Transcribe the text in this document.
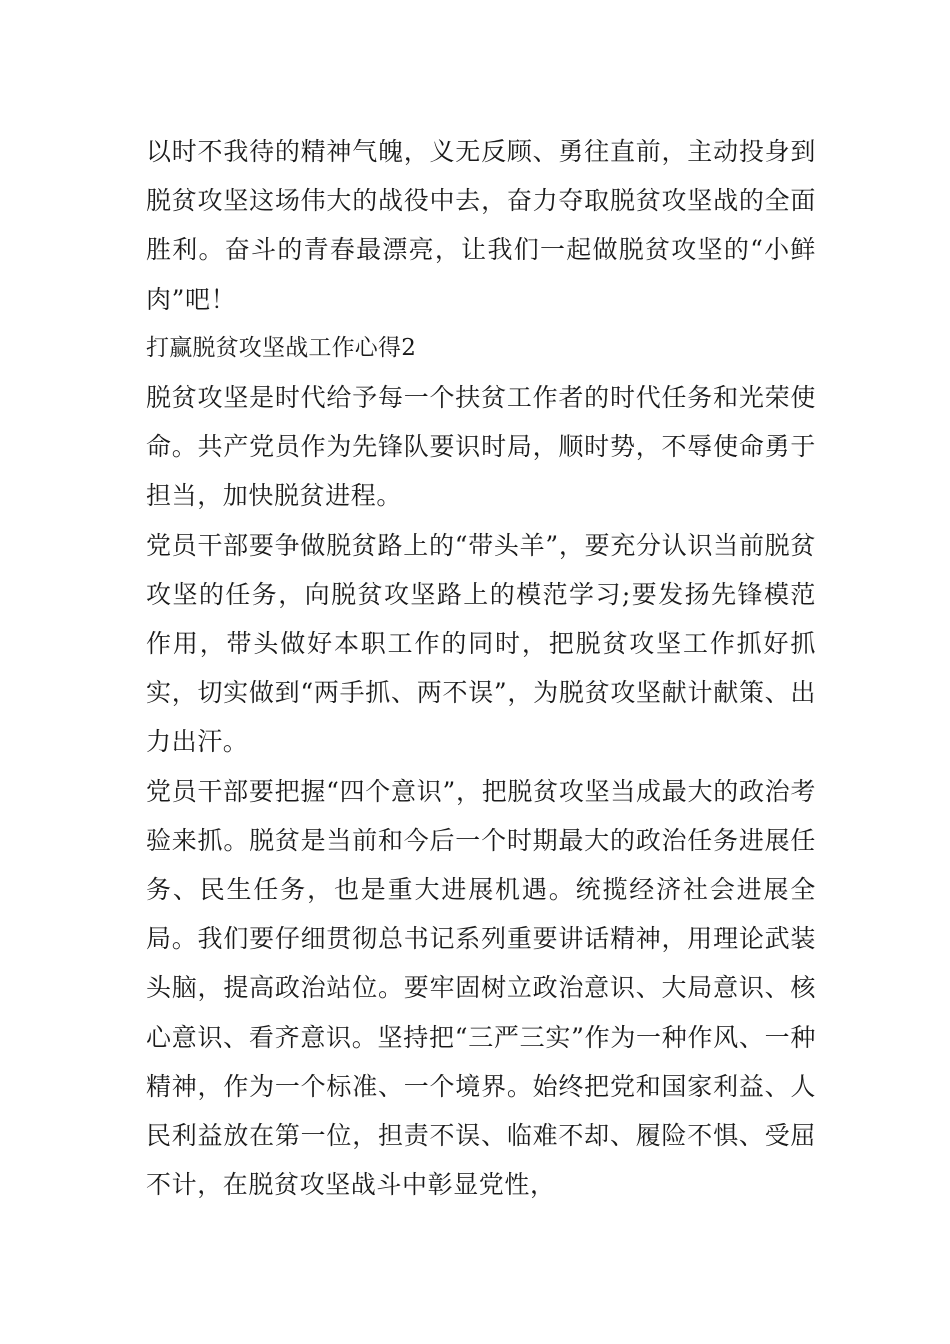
以时不我待的精神气魄，义无反顾、勇往直前，主动投身到脱贫攻坚这场伟大的战役中去，奋力夺取脱贫攻坚战的全面胜利。奋斗的青春最漂亮，让我们一起做脱贫攻坚的“小鲜肉”吧！

打赢脱贫攻坚战工作心得2

脱贫攻坚是时代给予每一个扶贫工作者的时代任务和光荣使命。共产党员作为先锋队要识时局，顺时势，不辱使命勇于担当，加快脱贫进程。

党员干部要争做脱贫路上的“带头羊”，要充分认识当前脱贫攻坚的任务，向脱贫攻坚路上的模范学习;要发扬先锋模范作用，带头做好本职工作的同时，把脱贫攻坚工作抓好抓实，切实做到“两手抓、两不误”，为脱贫攻坚献计献策、出力出汗。

党员干部要把握“四个意识”，把脱贫攻坚当成最大的政治考验来抓。脱贫是当前和今后一个时期最大的政治任务进展任务、民生任务，也是重大进展机遇。统揽经济社会进展全局。我们要仔细贯彻总书记系列重要讲话精神，用理论武装头脑，提高政治站位。要牢固树立政治意识、大局意识、核心意识、看齐意识。坚持把“三严三实”作为一种作风、一种精神，作为一个标准、一个境界。始终把党和国家利益、人民利益放在第一位，担责不误、临难不却、履险不惧、受屈不计，在脱贫攻坚战斗中彰显党性，
